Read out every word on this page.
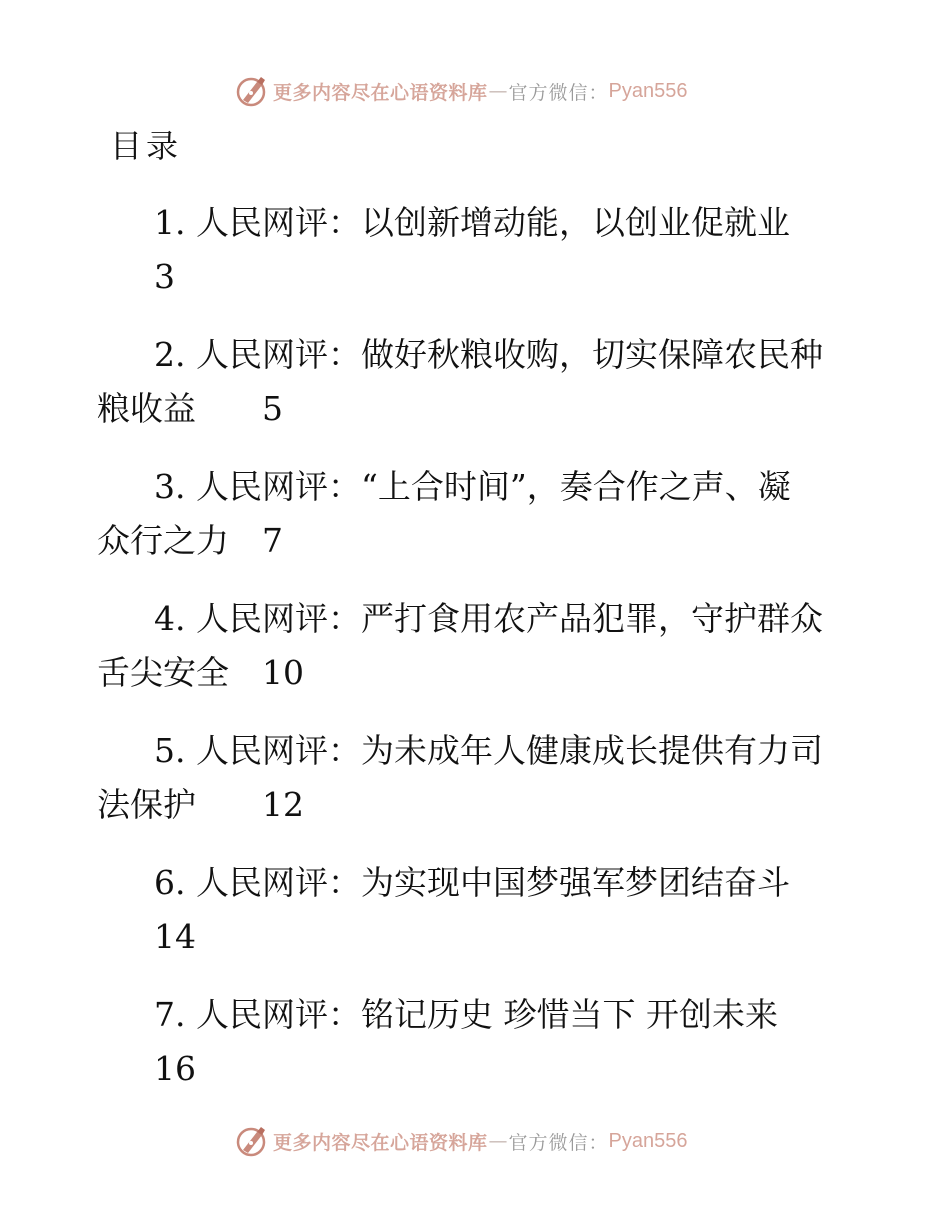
更多内容尽在心语资料库 — 官方微信： Pyan556
目录
1. 人民网评：以创新增动能，以创业促就业
3
2. 人民网评：做好秋粮收购，切实保障农民种
粮收益　　5
3. 人民网评：“上合时间”，奏合作之声、凝
众行之力　7
4. 人民网评：严打食用农产品犯罪，守护群众
舌尖安全　10
5. 人民网评：为未成年人健康成长提供有力司
法保护　　12
6. 人民网评：为实现中国梦强军梦团结奋斗
14
7. 人民网评：铭记历史 珍惜当下 开创未来
16
更多内容尽在心语资料库 — 官方微信： Pyan556
